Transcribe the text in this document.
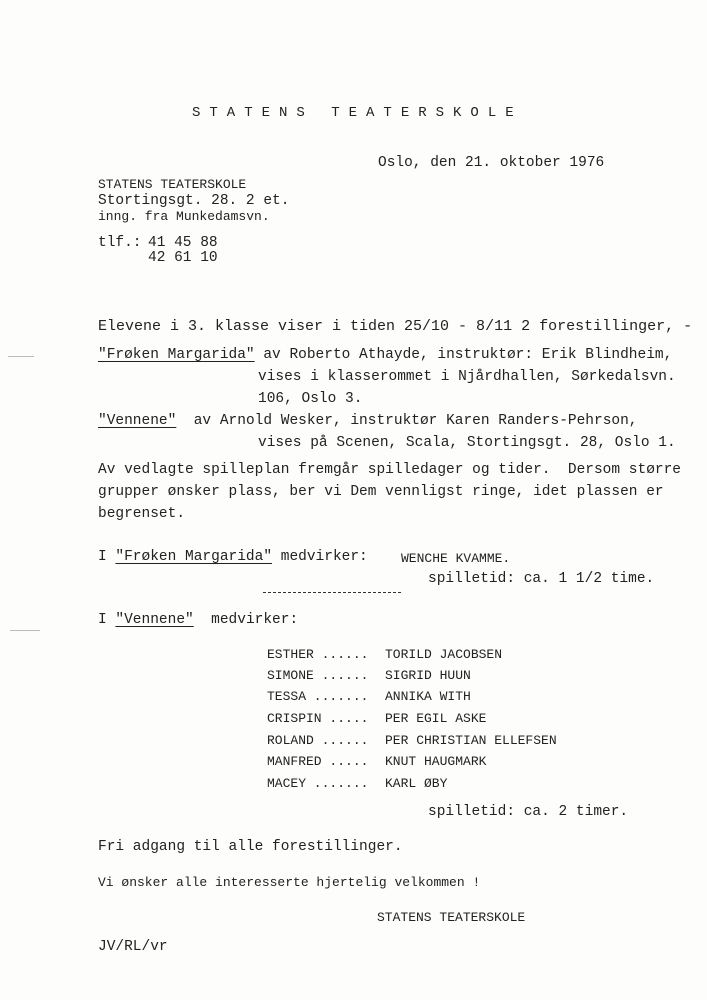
STATENS TEATERSKOLE
Oslo, den 21. oktober 1976
STATENS TEATERSKOLE
Stortingsgt. 28. 2 et.
inng. fra Munkedamsvn.
tlf.: 41 45 88
42 61 10
Elevene i 3. klasse viser i tiden 25/10 - 8/11 2 forestillinger, -
"Frøken Margarida" av Roberto Athayde, instruktør: Erik Blindheim,
vises i klasserommet i Njårdhallen, Sørkedalsvn.
106, Oslo 3.
"Vennene"  av Arnold Wesker, instruktør Karen Randers-Pehrson,
vises på Scenen, Scala, Stortingsgt. 28, Oslo 1.
Av vedlagte spilleplan fremgår spilledager og tider.  Dersom større
grupper ønsker plass, ber vi Dem vennligst ringe, idet plassen er
begrenset.
I "Frøken Margarida" medvirker:	WENCHE KVAMME.
spilletid: ca. 1 1/2 time.
I "Vennene"  medvirker:
ESTHER ...... TORILD JACOBSEN
SIMONE ...... SIGRID HUUN
TESSA ....... ANNIKA WITH
CRISPIN ..... PER EGIL ASKE
ROLAND ...... PER CHRISTIAN ELLEFSEN
MANFRED ..... KNUT HAUGMARK
MACEY ....... KARL ØBY
spilletid: ca. 2 timer.
Fri adgang til alle forestillinger.
Vi ønsker alle interesserte hjertelig velkommen !
STATENS TEATERSKOLE
JV/RL/vr
